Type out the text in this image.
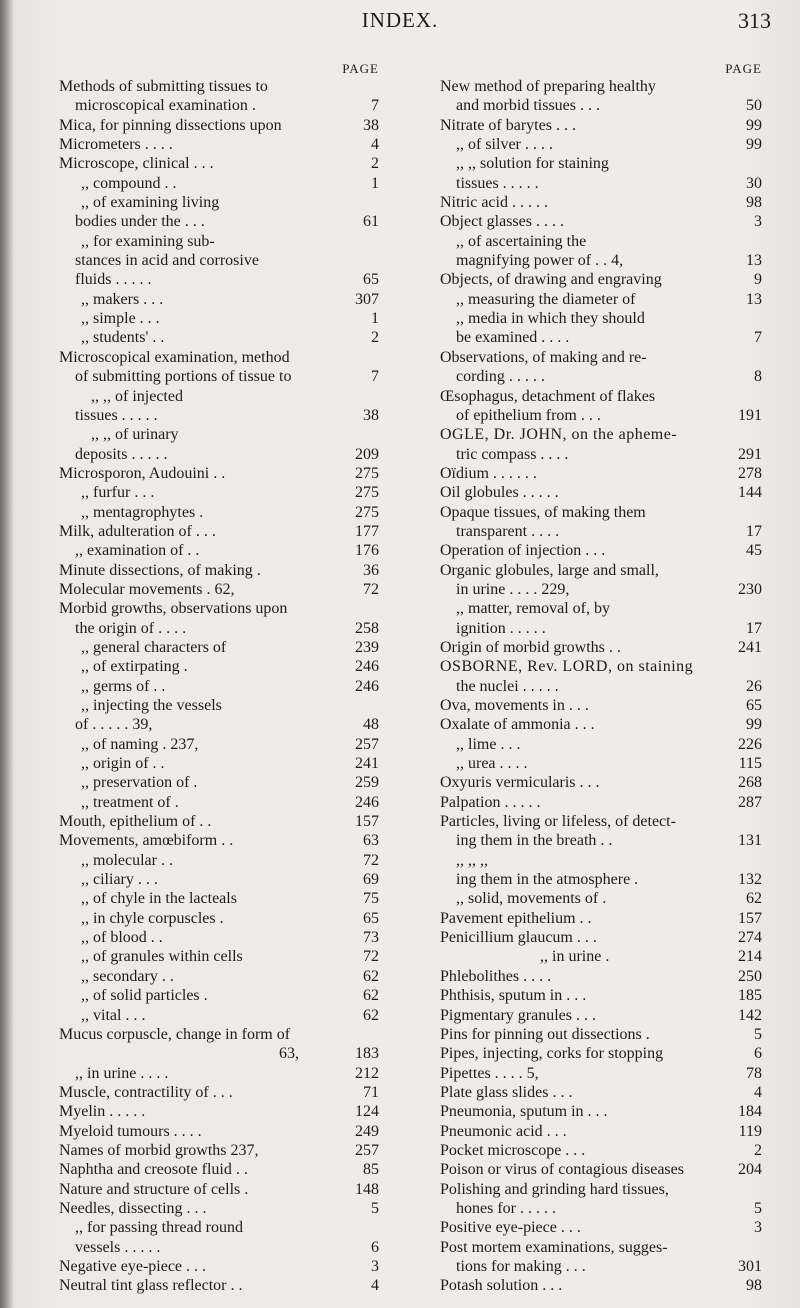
INDEX.	313
PAGE
Methods of submitting tissues to
microscopical examination .	7
Mica, for pinning dissections upon	38
Micrometers . . . .	4
Microscope, clinical . . .	2
,, compound . .	1
,, of examining living
bodies under the . . .	61
,, for examining sub-
stances in acid and corrosive
fluids . . . . .	65
,, makers . . .	307
,, simple . . .	1
,, students' . .	2
Microscopical examination, method
of submitting portions of tissue to	7
,, ,, of injected
tissues . . . . .	38
,, ,, of urinary
deposits . . . . .	209
Microsporon, Audouini . .	275
,, furfur . . .	275
,, mentagrophytes .	275
Milk, adulteration of . . .	177
,, examination of . .	176
Minute dissections, of making .	36
Molecular movements . 62,	72
Morbid growths, observations upon
the origin of . . . .	258
,, general characters of	239
,, of extirpating .	246
,, germs of . .	246
,, injecting the vessels
of . . . . . 39,	48
,, of naming . 237,	257
,, origin of . .	241
,, preservation of .	259
,, treatment of .	246
Mouth, epithelium of . .	157
Movements, amœbiform . .	63
,, molecular . .	72
,, ciliary . . .	69
,, of chyle in the lacteals	75
,, in chyle corpuscles .	65
,, of blood . .	73
,, of granules within cells	72
,, secondary . .	62
,, of solid particles .	62
,, vital . . .	62
Mucus corpuscle, change in form of
63,	183
,, in urine . . . .	212
Muscle, contractility of . . .	71
Myelin . . . . .	124
Myeloid tumours . . . .	249
Names of morbid growths 237,	257
Naphtha and creosote fluid . .	85
Nature and structure of cells .	148
Needles, dissecting . . .	5
,, for passing thread round
vessels . . . . .	6
Negative eye-piece . . .	3
Neutral tint glass reflector . .	4
PAGE
New method of preparing healthy
and morbid tissues . . .	50
Nitrate of barytes . . .	99
,, of silver . . . .	99
,, ,, solution for staining
tissues . . . . .	30
Nitric acid . . . . .	98
Object glasses . . . .	3
,, of ascertaining the
magnifying power of . . 4,	13
Objects, of drawing and engraving	9
,, measuring the diameter of	13
,, media in which they should
be examined . . . .	7
Observations, of making and re-
cording . . . . .	8
Œsophagus, detachment of flakes
of epithelium from . . .	191
OGLE, Dr. JOHN, on the apheme-
tric compass . . . .	291
Oïdium . . . . . .	278
Oil globules . . . . .	144
Opaque tissues, of making them
transparent . . . .	17
Operation of injection . . .	45
Organic globules, large and small,
in urine . . . . 229,	230
,, matter, removal of, by
ignition . . . . .	17
Origin of morbid growths . .	241
OSBORNE, Rev. LORD, on staining
the nuclei . . . . .	26
Ova, movements in . . .	65
Oxalate of ammonia . . .	99
,, lime . . .	226
,, urea . . . .	115
Oxyuris vermicularis . . .	268
Palpation . . . . .	287
Particles, living or lifeless, of detect-
ing them in the breath . .	131
,, ,, ,,
ing them in the atmosphere .	132
,, solid, movements of .	62
Pavement epithelium . .	157
Penicillium glaucum . . .	274
,, in urine .	214
Phlebolithes . . . .	250
Phthisis, sputum in . . .	185
Pigmentary granules . . .	142
Pins for pinning out dissections .	5
Pipes, injecting, corks for stopping	6
Pipettes . . . . 5,	78
Plate glass slides . . .	4
Pneumonia, sputum in . . .	184
Pneumonic acid . . .	119
Pocket microscope . . .	2
Poison or virus of contagious diseases	204
Polishing and grinding hard tissues,
hones for . . . . .	5
Positive eye-piece . . .	3
Post mortem examinations, sugges-
tions for making . . .	301
Potash solution . . .	98
